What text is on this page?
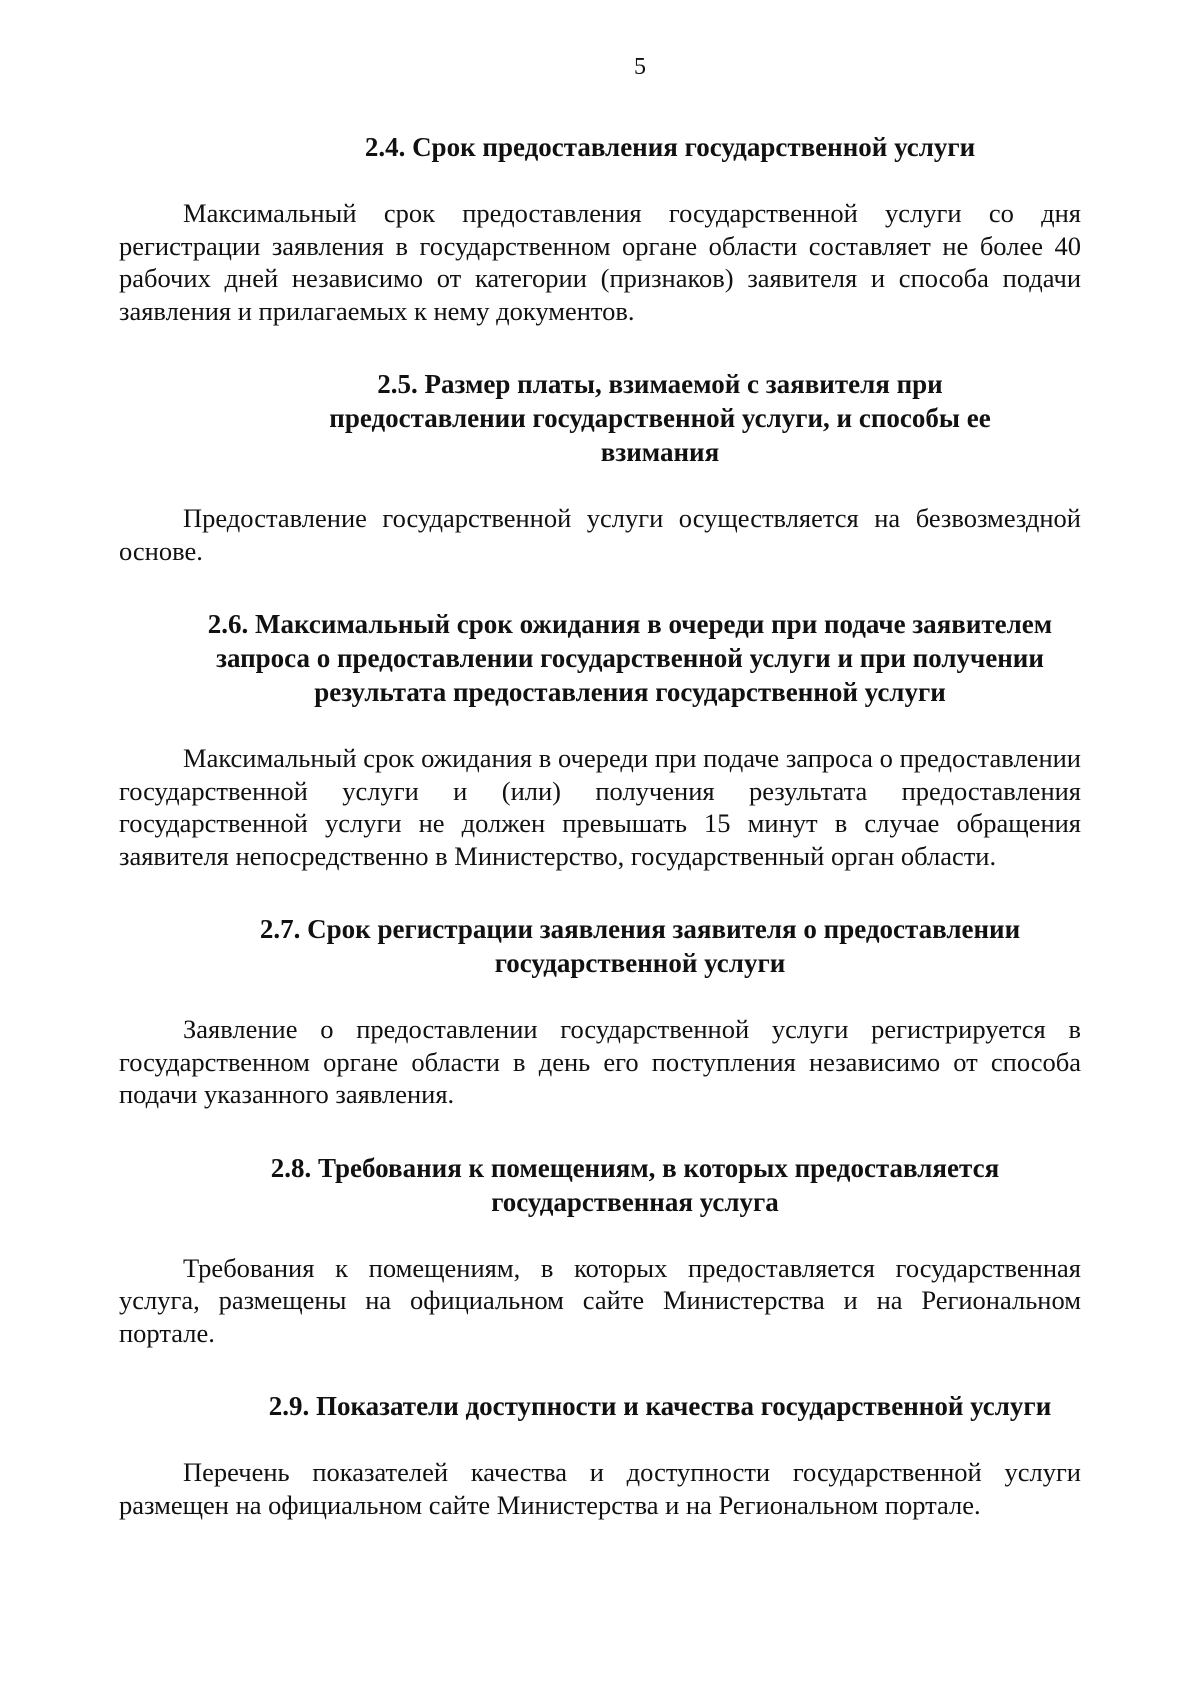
5
2.4. Срок предоставления государственной услуги

Максимальный срок предоставления государственной услуги со дня регистрации заявления в государственном органе области составляет не более 40 рабочих дней независимо от категории (признаков) заявителя и способа подачи заявления и прилагаемых к нему документов.

2.5. Размер платы, взимаемой с заявителя при предоставлении государственной услуги, и способы ее взимания

Предоставление государственной услуги осуществляется на безвозмездной основе.

2.6. Максимальный срок ожидания в очереди при подаче заявителем запроса о предоставлении государственной услуги и при получении результата предоставления государственной услуги

Максимальный срок ожидания в очереди при подаче запроса о предоставлении государственной услуги и (или) получения результата предоставления государственной услуги не должен превышать 15 минут в случае обращения заявителя непосредственно в Министерство, государственный орган области.

2.7. Срок регистрации заявления заявителя о предоставлении государственной услуги

Заявление о предоставлении государственной услуги регистрируется в государственном органе области в день его поступления независимо от способа подачи указанного заявления.

2.8. Требования к помещениям, в которых предоставляется государственная услуга

Требования к помещениям, в которых предоставляется государственная услуга, размещены на официальном сайте Министерства и на Региональном портале.

2.9. Показатели доступности и качества государственной услуги

Перечень показателей качества и доступности государственной услуги размещен на официальном сайте Министерства и на Региональном портале.
